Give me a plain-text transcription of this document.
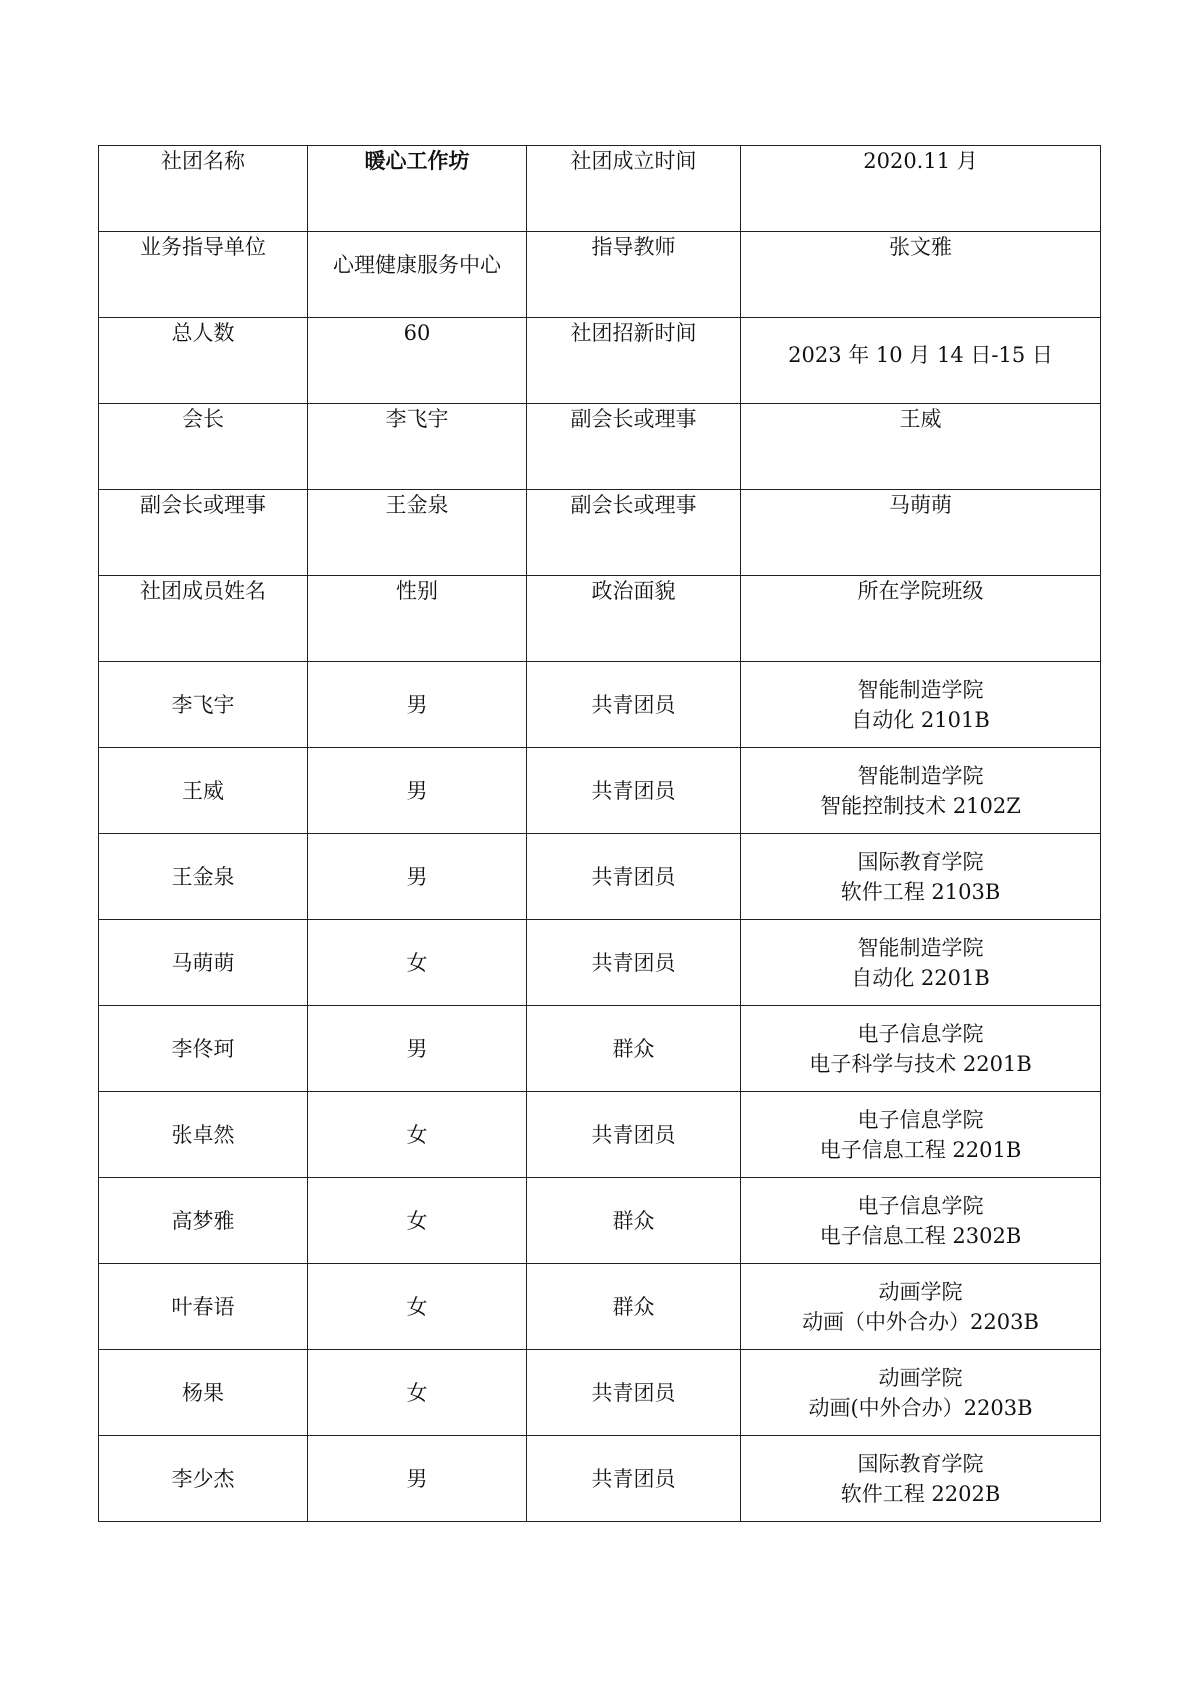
社团名称	暖心工作坊	社团成立时间	2020.11 月
业务指导单位	心理健康服务中心	指导教师	张文雅
总人数	60	社团招新时间	2023 年 10 月 14 日-15 日

会长	李飞宇	副会长或理事	王威
副会长或理事	王金泉	副会长或理事	马萌萌
社团成员姓名	性别	政治面貌	所在学院班级
李飞宇	男	共青团员	智能制造学院
自动化 2101B

王威	男	共青团员	智能制造学院
智能控制技术 2102Z

王金泉	男	共青团员	国际教育学院
软件工程 2103B

马萌萌	女	共青团员	智能制造学院
自动化 2201B

李佟珂	男	群众	电子信息学院
电子科学与技术 2201B

张卓然	女	共青团员	电子信息学院
电子信息工程 2201B

高梦雅	女	群众	电子信息学院
电子信息工程 2302B

叶春语	女	群众	动画学院
动画（中外合办）2203B

杨果	女	共青团员	动画学院
动画(中外合办）2203B

李少杰	男	共青团员	国际教育学院
软件工程 2202B
